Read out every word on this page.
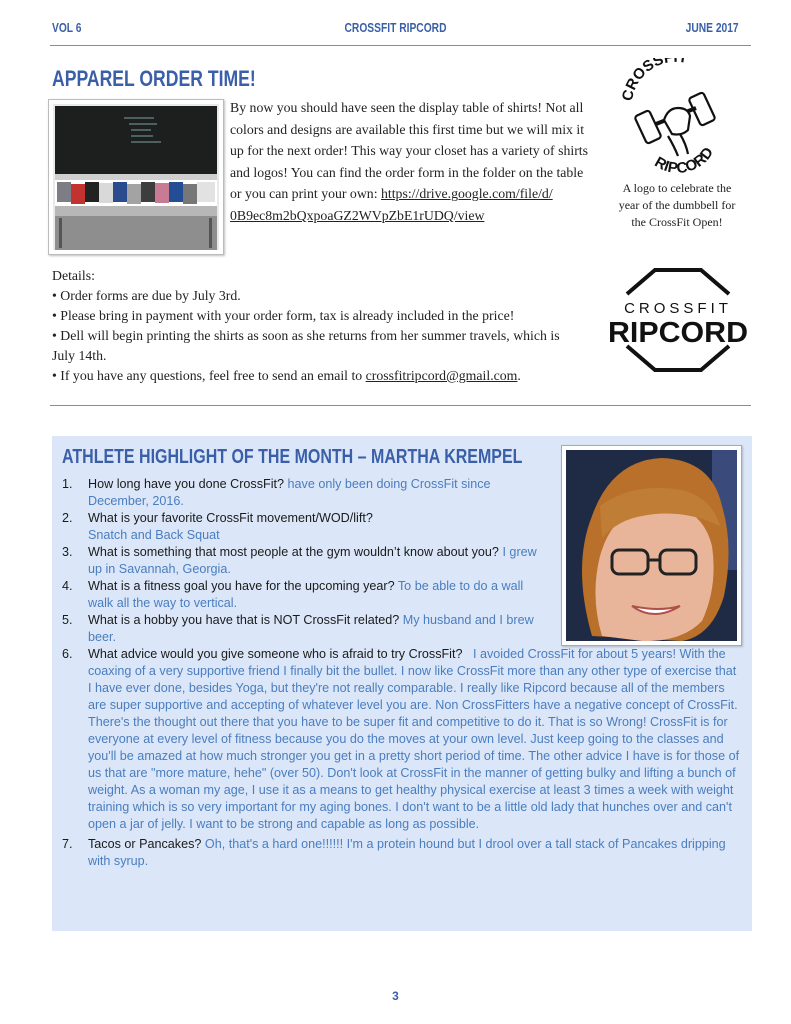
VOL 6	CROSSFIT RIPCORD	JUNE 2017
APPAREL ORDER TIME!
By now you should have seen the display table of shirts! Not all colors and designs are available this first time but we will mix it up for the next order! This way your closet has a variety of shirts and logos! You can find the order form in the folder on the table or you can print your own: https://drive.google.com/file/d/ 0B9ec8m2bQxpoaGZ2WVpZbE1rUDQ/view
CROSS
RIPCORD
A logo to celebrate the year of the dumbbell for the CrossFit Open!

Details:

• Order forms are due by July 3rd.

• Please bring in payment with your order form, tax is already included in the price!

• Dell will begin printing the shirts as soon as she returns from her summer travels, which is July 14th.

• If you have any questions, feel free to send an email to crossfitripcord@gmail.com.

CROSSFIT
RIPCORD
ATHLETE HIGHLIGHT OF THE MONTH – MARTHA KREMPEL
1. How long have you done CrossFit? have only been doing CrossFit since December, 2016.
2. What is your favorite CrossFit movement/WOD/lift?
Snatch and Back Squat
3. What is something that most people at the gym wouldn’t know about you? I grew up in Savannah, Georgia.
4. What is a fitness goal you have for the upcoming year? To be able to do a wall walk all the way to vertical.
5. What is a hobby you have that is NOT CrossFit related? My husband and I brew beer.
6. What advice would you give someone who is afraid to try CrossFit?   I avoided CrossFit for about 5 years! With the coaxing of a very supportive friend I finally bit the bullet. I now like CrossFit more than any other type of exercise that I have ever done, besides Yoga, but they're not really comparable. I really like Ripcord because all of the members are super supportive and accepting of whatever level you are. Non CrossFitters have a negative concept of CrossFit. There's the thought out there that you have to be super fit and competitive to do it. That is so Wrong! CrossFit is for everyone at every level of fitness because you do the moves at your own level. Just keep going to the classes and you'll be amazed at how much stronger you get in a pretty short period of time. The other advice I have is for those of us that are "more mature, hehe" (over 50). Don't look at CrossFit in the manner of getting bulky and lifting a bunch of weight. As a woman my age, I use it as a means to get healthy physical exercise at least 3 times a week with weight training which is so very important for my aging bones. I don't want to be a little old lady that hunches over and can't open a jar of jelly. I want to be strong and capable as long as possible.
7. Tacos or Pancakes? Oh, that's a hard one!!!!!! I'm a protein hound but I drool over a tall stack of Pancakes dripping with syrup.
3
